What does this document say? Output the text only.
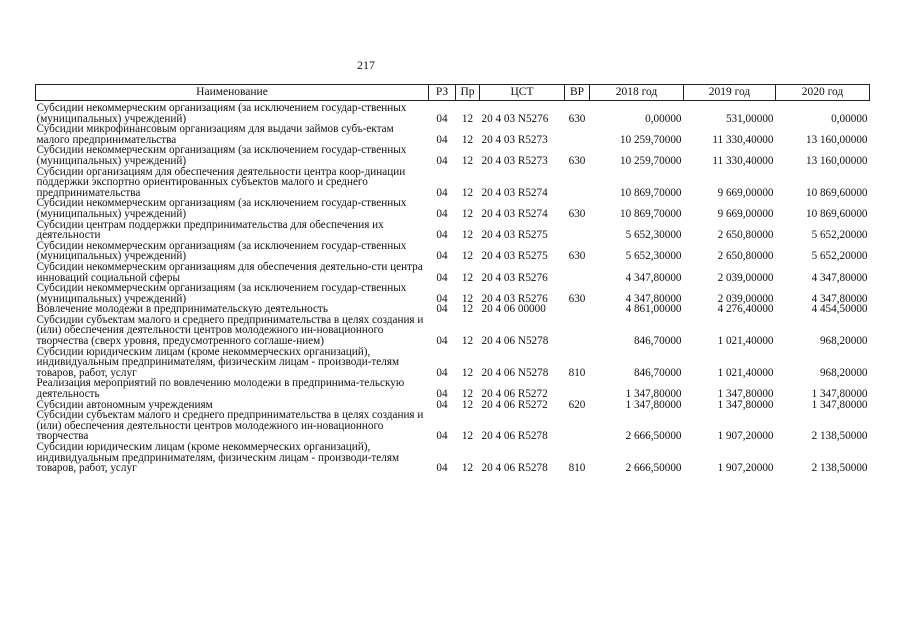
217
Наименование	РЗ	Пр	ЦСТ	ВР	2018 год	2019 год	2020 год
Субсидии некоммерческим организациям (за исключением государ-ственных (муниципальных) учреждений)	04	12	20 4 03 N5276	630	0,00000	531,00000	0,00000
Субсидии микрофинансовым организациям для выдачи займов субъ-ектам малого предпринимательства	04	12	20 4 03 R5273		10 259,70000	11 330,40000	13 160,00000
Субсидии некоммерческим организациям (за исключением государ-ственных (муниципальных) учреждений)	04	12	20 4 03 R5273	630	10 259,70000	11 330,40000	13 160,00000
Субсидии организациям для обеспечения деятельности центра коор-динации поддержки экспортно ориентированных субъектов малого и среднего предпринимательства	04	12	20 4 03 R5274		10 869,70000	9 669,00000	10 869,60000
Субсидии некоммерческим организациям (за исключением государ-ственных (муниципальных) учреждений)	04	12	20 4 03 R5274	630	10 869,70000	9 669,00000	10 869,60000
Субсидии центрам поддержки предпринимательства для обеспечения их деятельности	04	12	20 4 03 R5275		5 652,30000	2 650,80000	5 652,20000
Субсидии некоммерческим организациям (за исключением государ-ственных (муниципальных) учреждений)	04	12	20 4 03 R5275	630	5 652,30000	2 650,80000	5 652,20000
Субсидии некоммерческим организациям для обеспечения деятельно-сти центра инноваций социальной сферы	04	12	20 4 03 R5276		4 347,80000	2 039,00000	4 347,80000
Субсидии некоммерческим организациям (за исключением государ-ственных (муниципальных) учреждений)	04	12	20 4 03 R5276	630	4 347,80000	2 039,00000	4 347,80000
Вовлечение молодежи в предпринимательскую деятельность	04	12	20 4 06 00000		4 861,00000	4 276,40000	4 454,50000
Субсидии субъектам малого и среднего предпринимательства в целях создания и (или) обеспечения деятельности центров молодежного ин-новационного творчества (сверх уровня, предусмотренного соглаше-нием)	04	12	20 4 06 N5278		846,70000	1 021,40000	968,20000
Субсидии юридическим лицам (кроме некоммерческих организаций), индивидуальным предпринимателям, физическим лицам - производи-телям товаров, работ, услуг	04	12	20 4 06 N5278	810	846,70000	1 021,40000	968,20000
Реализация мероприятий по вовлечению молодежи в предпринима-тельскую деятельность	04	12	20 4 06 R5272		1 347,80000	1 347,80000	1 347,80000
Субсидии автономным учреждениям	04	12	20 4 06 R5272	620	1 347,80000	1 347,80000	1 347,80000
Субсидии субъектам малого и среднего предпринимательства в целях создания и (или) обеспечения деятельности центров молодежного ин-новационного творчества	04	12	20 4 06 R5278		2 666,50000	1 907,20000	2 138,50000
Субсидии юридическим лицам (кроме некоммерческих организаций), индивидуальным предпринимателям, физическим лицам - производи-телям товаров, работ, услуг	04	12	20 4 06 R5278	810	2 666,50000	1 907,20000	2 138,50000
